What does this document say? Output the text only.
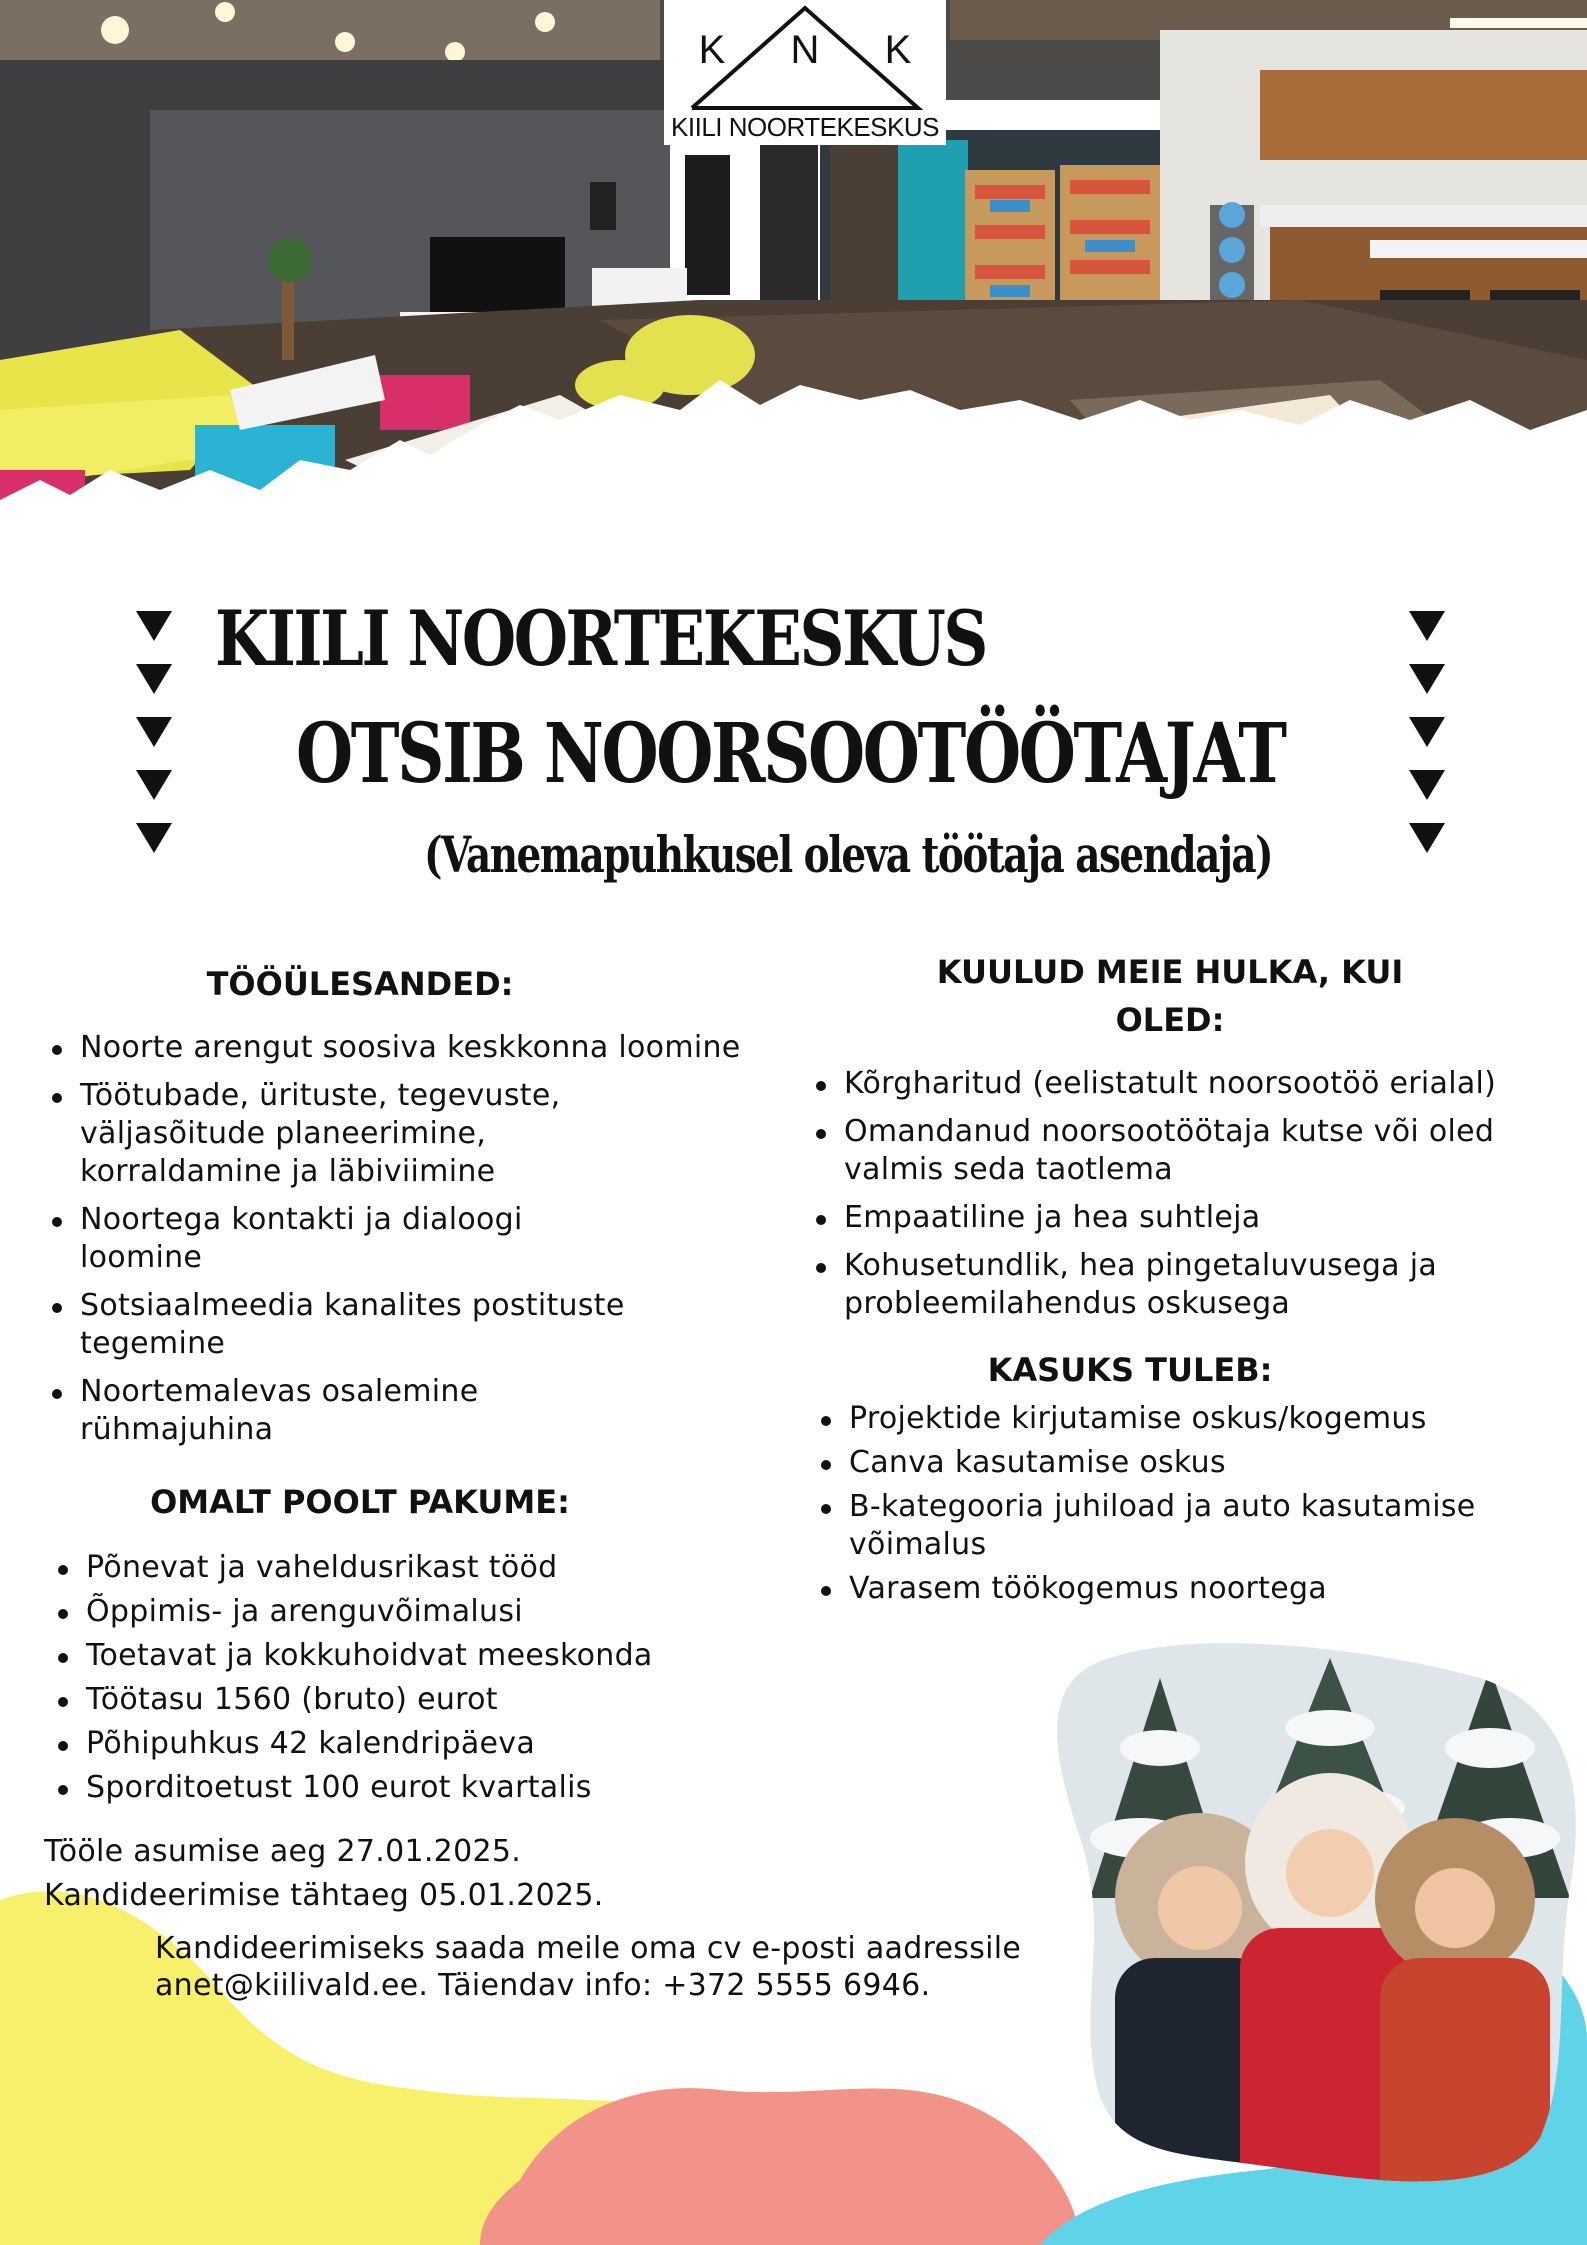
K N K
KIILI NOORTEKESKUS
KIILI NOORTEKESKUS
OTSIB NOORSOOTÖÖTAJAT
(Vanemapuhkusel oleva töötaja asendaja)
TÖÖÜLESANDED:
Noorte arengut soosiva keskkonna loomine
Töötubade, ürituste, tegevuste,
väljasõitude planeerimine,
korraldamine ja läbiviimine
Noortega kontakti ja dialoogi
loomine
Sotsiaalmeedia kanalites postituste
tegemine
Noortemalevas osalemine
rühmajuhina
OMALT POOLT PAKUME:
Põnevat ja vaheldusrikast tööd
Õppimis- ja arenguvõimalusi
Toetavat ja kokkuhoidvat meeskonda
Töötasu 1560 (bruto) eurot
Põhipuhkus 42 kalendripäeva
Sporditoetust 100 eurot kvartalis
KUULUD MEIE HULKA, KUI
OLED:
Kõrgharitud (eelistatult noorsootöö erialal)
Omandanud noorsootöötaja kutse või oled
valmis seda taotlema
Empaatiline ja hea suhtleja
Kohusetundlik, hea pingetaluvusega ja
probleemilahendus oskusega
KASUKS TULEB:
Projektide kirjutamise oskus/kogemus
Canva kasutamise oskus
B-kategooria juhiload ja auto kasutamise
võimalus
Varasem töökogemus noortega
Tööle asumise aeg 27.01.2025.
Kandideerimise tähtaeg 05.01.2025.
Kandideerimiseks saada meile oma cv e-posti aadressile
anet@kiilivald.ee. Täiendav info: +372 5555 6946.
